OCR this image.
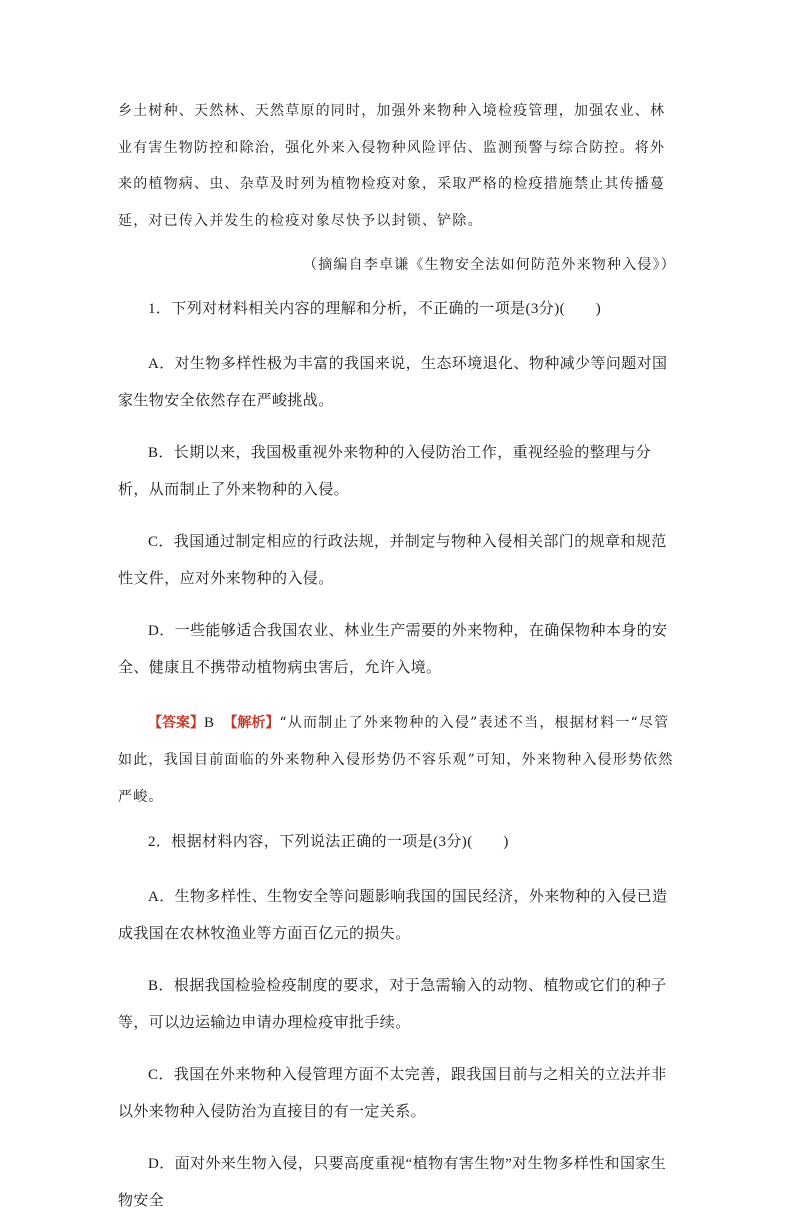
乡土树种、天然林、天然草原的同时，加强外来物种入境检疫管理，加强农业、林业有害生物防控和除治，强化外来入侵物种风险评估、监测预警与综合防控。将外来的植物病、虫、杂草及时列为植物检疫对象，采取严格的检疫措施禁止其传播蔓延，对已传入并发生的检疫对象尽快予以封锁、铲除。

（摘编自李卓谦《生物安全法如何防范外来物种入侵》）

1．下列对材料相关内容的理解和分析，不正确的一项是(3分)(　　)

A．对生物多样性极为丰富的我国来说，生态环境退化、物种减少等问题对国家生物安全依然存在严峻挑战。

B．长期以来，我国极重视外来物种的入侵防治工作，重视经验的整理与分析，从而制止了外来物种的入侵。

C．我国通过制定相应的行政法规，并制定与物种入侵相关部门的规章和规范性文件，应对外来物种的入侵。

D．一些能够适合我国农业、林业生产需要的外来物种，在确保物种本身的安全、健康且不携带动植物病虫害后，允许入境。

【答案】B　 【解析】“从而制止了外来物种的入侵”表述不当，根据材料一“尽管如此，我国目前面临的外来物种入侵形势仍不容乐观”可知，外来物种入侵形势依然严峻。

2．根据材料内容，下列说法正确的一项是(3分)(　　)

A．生物多样性、生物安全等问题影响我国的国民经济，外来物种的入侵已造成我国在农林牧渔业等方面百亿元的损失。

B．根据我国检验检疫制度的要求，对于急需输入的动物、植物或它们的种子等，可以边运输边申请办理检疫审批手续。

C．我国在外来物种入侵管理方面不太完善，跟我国目前与之相关的立法并非以外来物种入侵防治为直接目的有一定关系。

D．面对外来生物入侵，只要高度重视“植物有害生物”对生物多样性和国家生物安全
